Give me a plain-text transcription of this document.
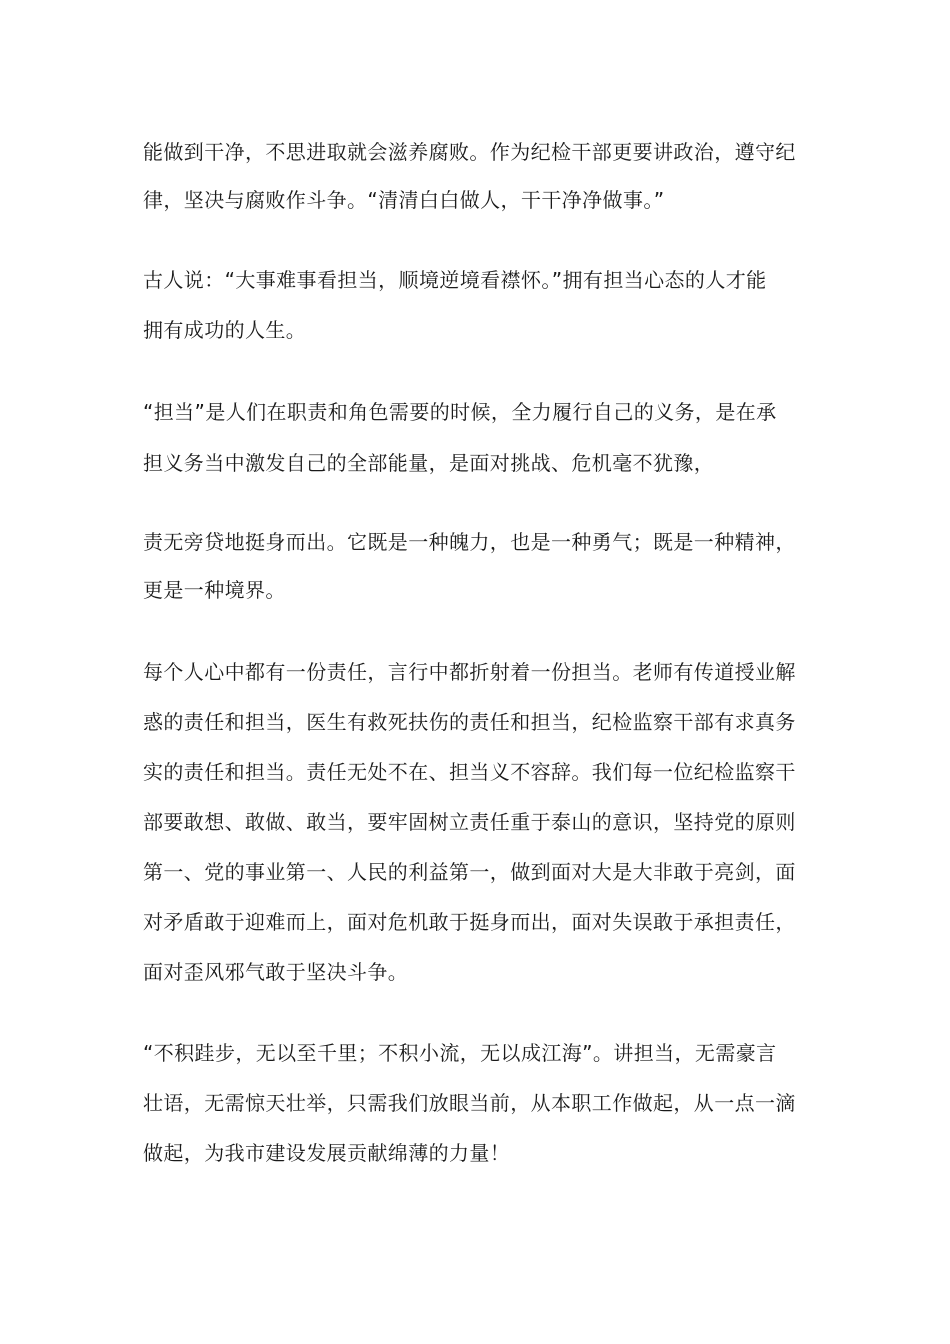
能做到干净，不思进取就会滋养腐败。作为纪检干部更要讲政治，遵守纪
律，坚决与腐败作斗争。“清清白白做人，干干净净做事。”
古人说：“大事难事看担当，顺境逆境看襟怀。”拥有担当心态的人才能
拥有成功的人生。
“担当”是人们在职责和角色需要的时候，全力履行自己的义务，是在承
担义务当中激发自己的全部能量，是面对挑战、危机毫不犹豫，
责无旁贷地挺身而出。它既是一种魄力，也是一种勇气；既是一种精神，
更是一种境界。
每个人心中都有一份责任，言行中都折射着一份担当。老师有传道授业解
惑的责任和担当，医生有救死扶伤的责任和担当，纪检监察干部有求真务
实的责任和担当。责任无处不在、担当义不容辞。我们每一位纪检监察干
部要敢想、敢做、敢当，要牢固树立责任重于泰山的意识，坚持党的原则
第一、党的事业第一、人民的利益第一，做到面对大是大非敢于亮剑，面
对矛盾敢于迎难而上，面对危机敢于挺身而出，面对失误敢于承担责任，
面对歪风邪气敢于坚决斗争。
“不积跬步，无以至千里；不积小流，无以成江海”。讲担当，无需豪言
壮语，无需惊天壮举，只需我们放眼当前，从本职工作做起，从一点一滴
做起，为我市建设发展贡献绵薄的力量！
